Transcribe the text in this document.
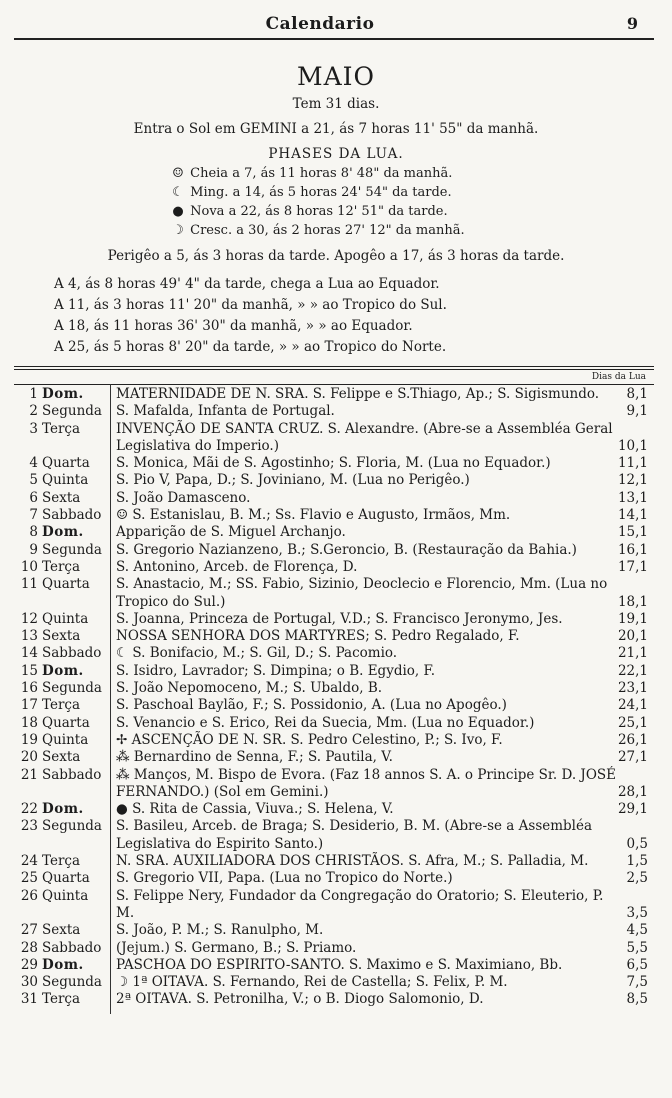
Calendario	9
MAIO
Tem 31 dias.
Entra o Sol em GEMINI a 21, ás 7 horas 11' 55" da manhã.
PHASES DA LUA.
☺ Cheia a 7, ás 11 horas 8' 48" da manhã.
☾ Ming. a 14, ás 5 horas 24' 54" da tarde.
● Nova a 22, ás 8 horas 12' 51" da tarde.
☽ Cresc. a 30, ás 2 horas 27' 12" da manhã.
Perigêo a 5, ás 3 horas da tarde. Apogêo a 17, ás 3 horas da tarde.
A 4, ás 8 horas 49' 4" da tarde, chega a Lua ao Equador.
A 11, ás 3 horas 11' 20" da manhã, » » ao Tropico do Sul.
A 18, ás 11 horas 36' 30" da manhã, » » ao Equador.
A 25, ás 5 horas 8' 20" da tarde, » » ao Tropico do Norte.
Dias da Lua
1 Dom.	MATERNIDADE DE N. SRA. S. Felippe e S.Thiago, Ap.; S. Sigismundo.	8,1
2 Segunda	S. Mafalda, Infanta de Portugal.	9,1
3 Terça	INVENÇÃO DE SANTA CRUZ. S. Alexandre. (Abre-se a Assembléa Geral Legislativa do Imperio.)	10,1
4 Quarta	S. Monica, Mãi de S. Agostinho; S. Floria, M. (Lua no Equador.)	11,1
5 Quinta	S. Pio V, Papa, D.; S. Joviniano, M. (Lua no Perigêo.)	12,1
6 Sexta	S. João Damasceno.	13,1
7 Sabbado	☺ S. Estanislau, B. M.; Ss. Flavio e Augusto, Irmãos, Mm.	14,1
8 Dom.	Apparição de S. Miguel Archanjo.	15,1
9 Segunda	S. Gregorio Nazianzeno, B.; S.Geroncio, B. (Restauração da Bahia.)	16,1
10 Terça	S. Antonino, Arceb. de Florença, D.	17,1
11 Quarta	S. Anastacio, M.; SS. Fabio, Sizinio, Deoclecio e Florencio, Mm. (Lua no Tropico do Sul.)	18,1
12 Quinta	S. Joanna, Princeza de Portugal, V.D.; S. Francisco Jeronymo, Jes.	19,1
13 Sexta	NOSSA SENHORA DOS MARTYRES; S. Pedro Regalado, F.	20,1
14 Sabbado	☾ S. Bonifacio, M.; S. Gil, D.; S. Pacomio.	21,1
15 Dom.	S. Isidro, Lavrador; S. Dimpina; o B. Egydio, F.	22,1
16 Segunda	S. João Nepomoceno, M.; S. Ubaldo, B.	23,1
17 Terça	S. Paschoal Baylão, F.; S. Possidonio, A. (Lua no Apogêo.)	24,1
18 Quarta	S. Venancio e S. Erico, Rei da Suecia, Mm. (Lua no Equador.)	25,1
19 Quinta	✢ ASCENÇÃO DE N. SR. S. Pedro Celestino, P.; S. Ivo, F.	26,1
20 Sexta	⁂ Bernardino de Senna, F.; S. Pautila, V.	27,1
21 Sabbado	⁂ Manços, M. Bispo de Evora. (Faz 18 annos S. A. o Principe Sr. D. JOSÉ FERNANDO.) (Sol em Gemini.)	28,1
22 Dom.	● S. Rita de Cassia, Viuva.; S. Helena, V.	29,1
23 Segunda	S. Basileu, Arceb. de Braga; S. Desiderio, B. M. (Abre-se a Assembléa Legislativa do Espirito Santo.)	0,5
24 Terça	N. SRA. AUXILIADORA DOS CHRISTÃOS. S. Afra, M.; S. Palladia, M.	1,5
25 Quarta	S. Gregorio VII, Papa. (Lua no Tropico do Norte.)	2,5
26 Quinta	S. Felippe Nery, Fundador da Congregação do Oratorio; S. Eleuterio, P. M.	3,5
27 Sexta	S. João, P. M.; S. Ranulpho, M.	4,5
28 Sabbado	(Jejum.) S. Germano, B.; S. Priamo.	5,5
29 Dom.	PASCHOA DO ESPIRITO-SANTO. S. Maximo e S. Maximiano, Bb.	6,5
30 Segunda	☽ 1ª OITAVA. S. Fernando, Rei de Castella; S. Felix, P. M.	7,5
31 Terça	2ª OITAVA. S. Petronilha, V.; o B. Diogo Salomonio, D.	8,5
